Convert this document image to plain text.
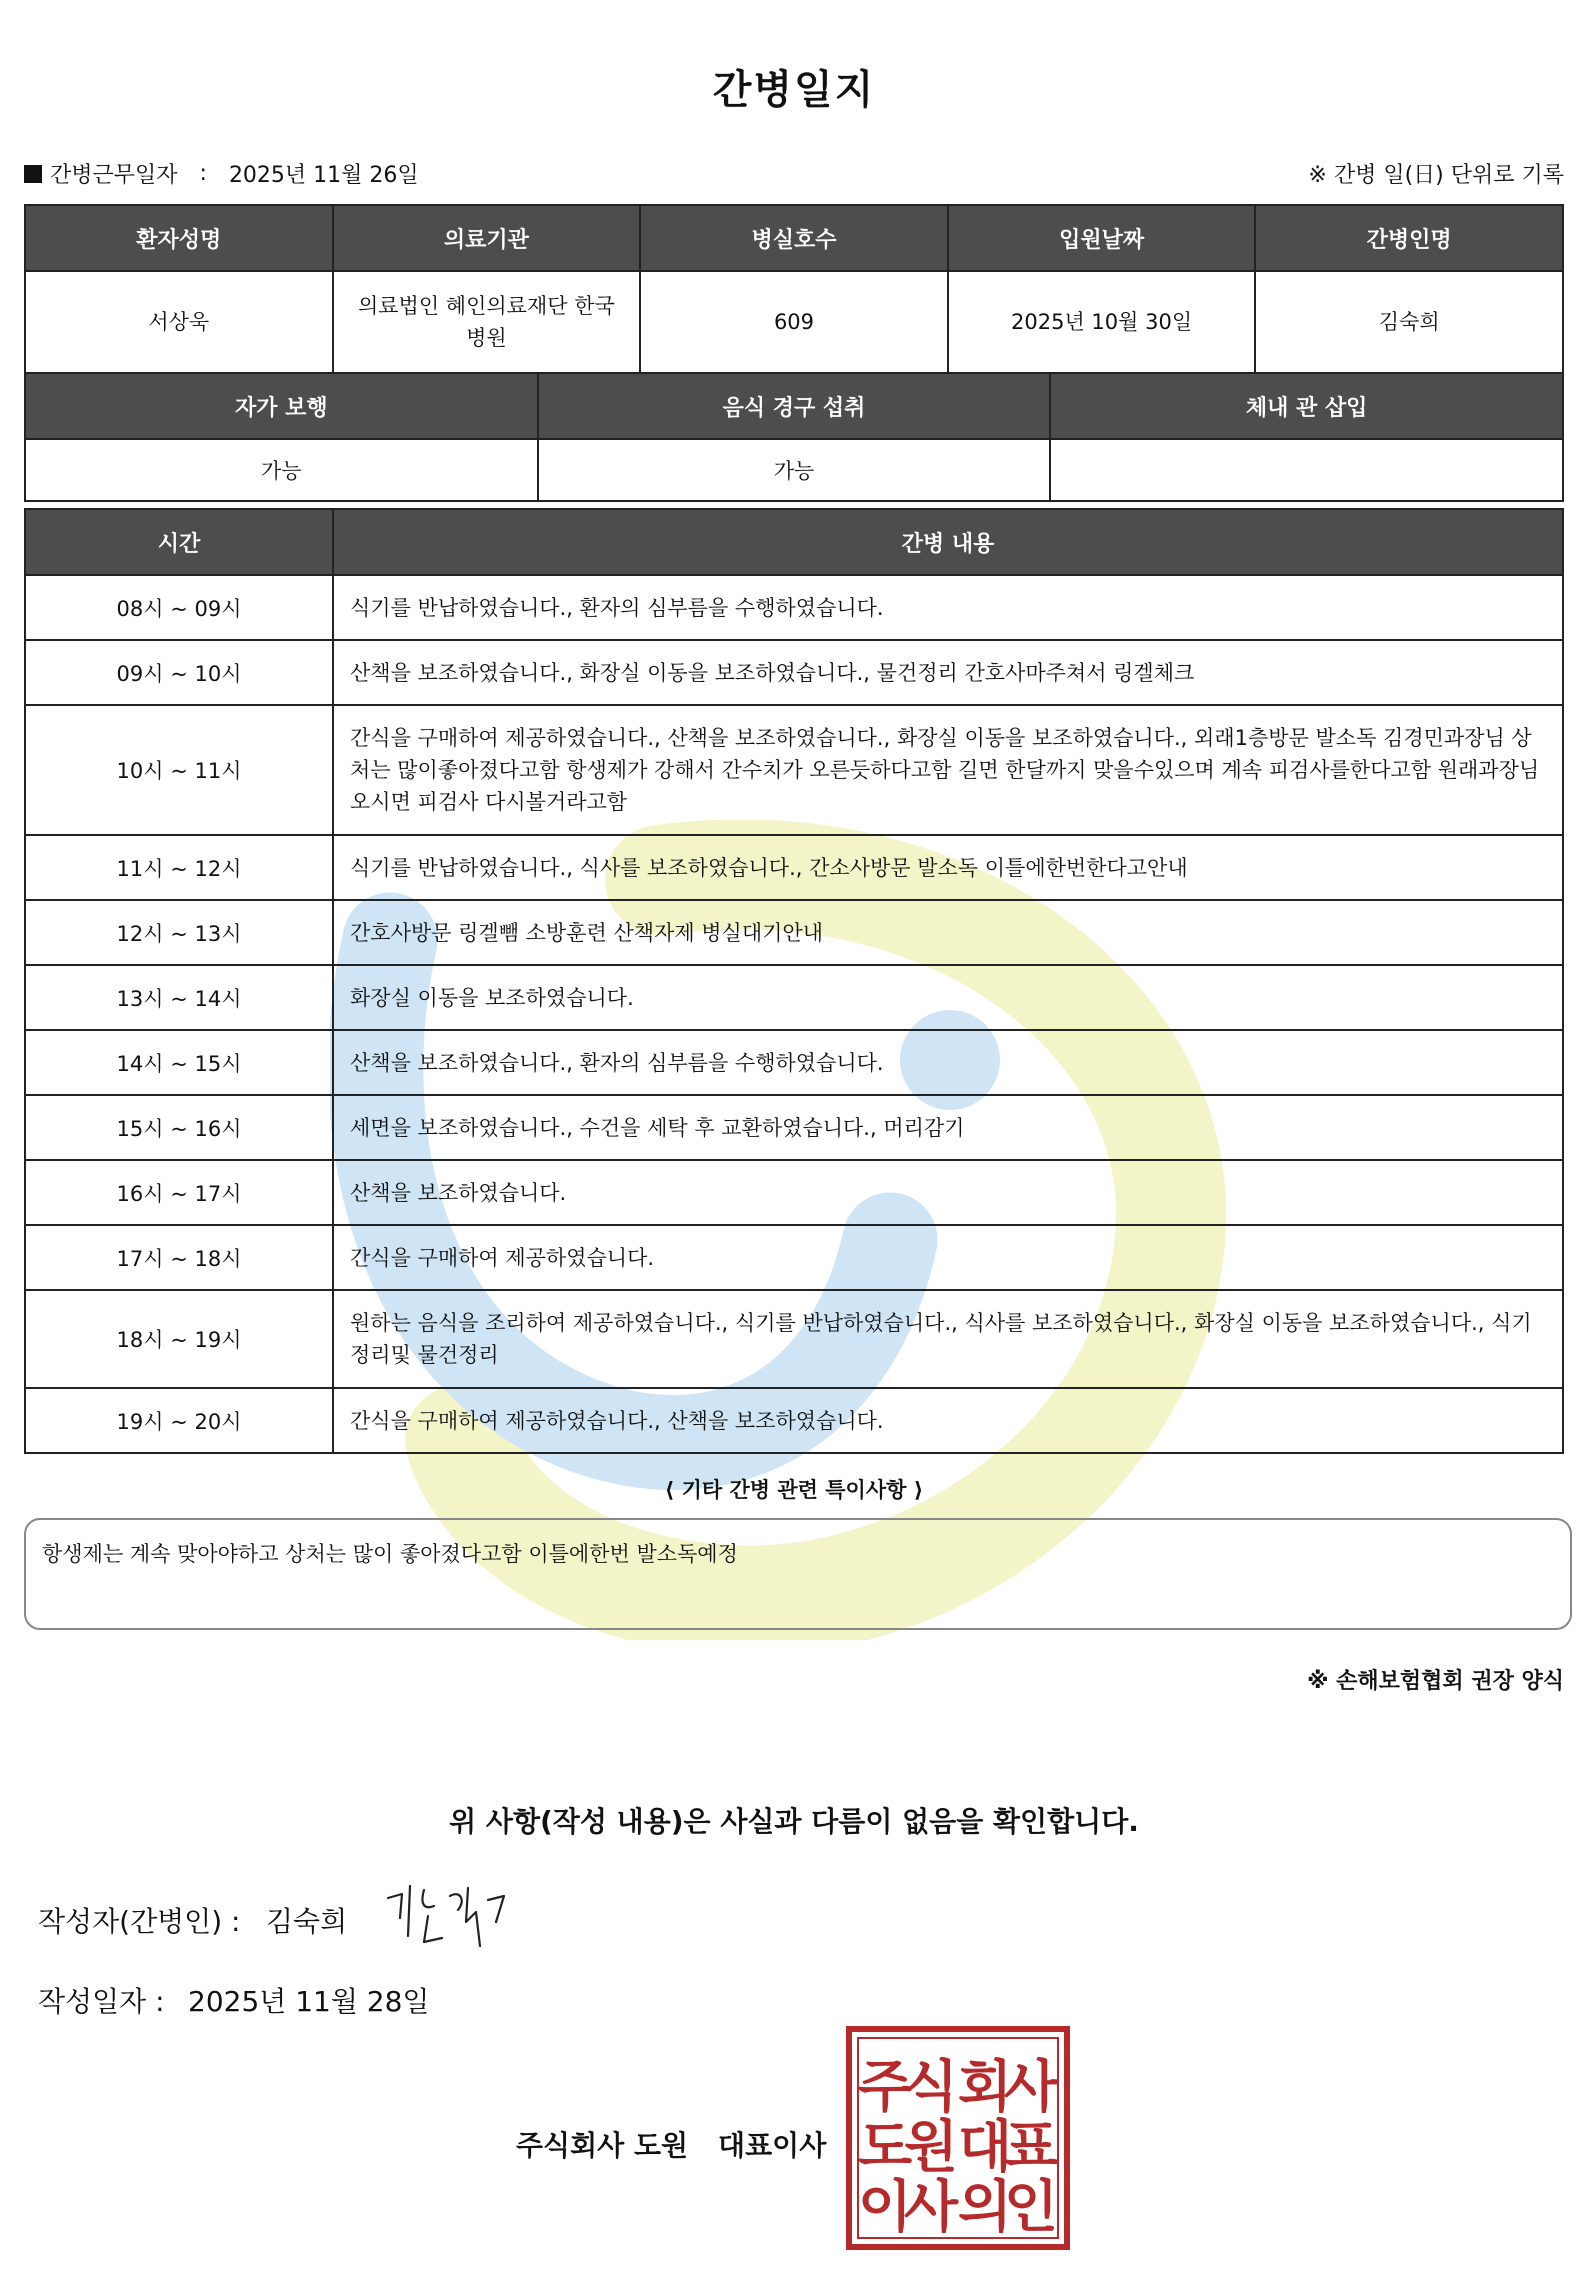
간병일지
간병근무일자 : 2025년 11월 26일	※ 간병 일(日) 단위로 기록
환자성명	의료기관	병실호수	입원날짜	간병인명
서상욱	의료법인 혜인의료재단 한국병원	609	2025년 10월 30일	김숙희
자가 보행	음식 경구 섭취	체내 관 삽입
가능	가능	
시간	간병 내용
08시 ~ 09시	식기를 반납하였습니다., 환자의 심부름을 수행하였습니다.
09시 ~ 10시	산책을 보조하였습니다., 화장실 이동을 보조하였습니다., 물건정리 간호사마주쳐서 링겔체크
10시 ~ 11시	간식을 구매하여 제공하였습니다., 산책을 보조하였습니다., 화장실 이동을 보조하였습니다., 외래1층방문 발소독 김경민과장님 상처는 많이좋아졌다고함 항생제가 강해서 간수치가 오른듯하다고함 길면 한달까지 맞을수있으며 계속 피검사를한다고함 원래과장님 오시면 피검사 다시볼거라고함
11시 ~ 12시	식기를 반납하였습니다., 식사를 보조하였습니다., 간소사방문 발소독 이틀에한번한다고안내
12시 ~ 13시	간호사방문 링겔뺌 소방훈련 산책자제 병실대기안내
13시 ~ 14시	화장실 이동을 보조하였습니다.
14시 ~ 15시	산책을 보조하였습니다., 환자의 심부름을 수행하였습니다.
15시 ~ 16시	세면을 보조하였습니다., 수건을 세탁 후 교환하였습니다., 머리감기
16시 ~ 17시	산책을 보조하였습니다.
17시 ~ 18시	간식을 구매하여 제공하였습니다.
18시 ~ 19시	원하는 음식을 조리하여 제공하였습니다., 식기를 반납하였습니다., 식사를 보조하였습니다., 화장실 이동을 보조하였습니다., 식기정리및 물건정리
19시 ~ 20시	간식을 구매하여 제공하였습니다., 산책을 보조하였습니다.
⟨ 기타 간병 관련 특이사항 ⟩
항생제는 계속 맞아야하고 상처는 많이 좋아졌다고함 이틀에한번 발소독예정
※ 손해보험협회 권장 양식
위 사항(작성 내용)은 사실과 다름이 없음을 확인합니다.
작성자(간병인) : 김숙희
작성일자 : 2025년 11월 28일
주식회사 도원 대표이사
주
식 회
사
도
원 대
표
이
사 의
인
